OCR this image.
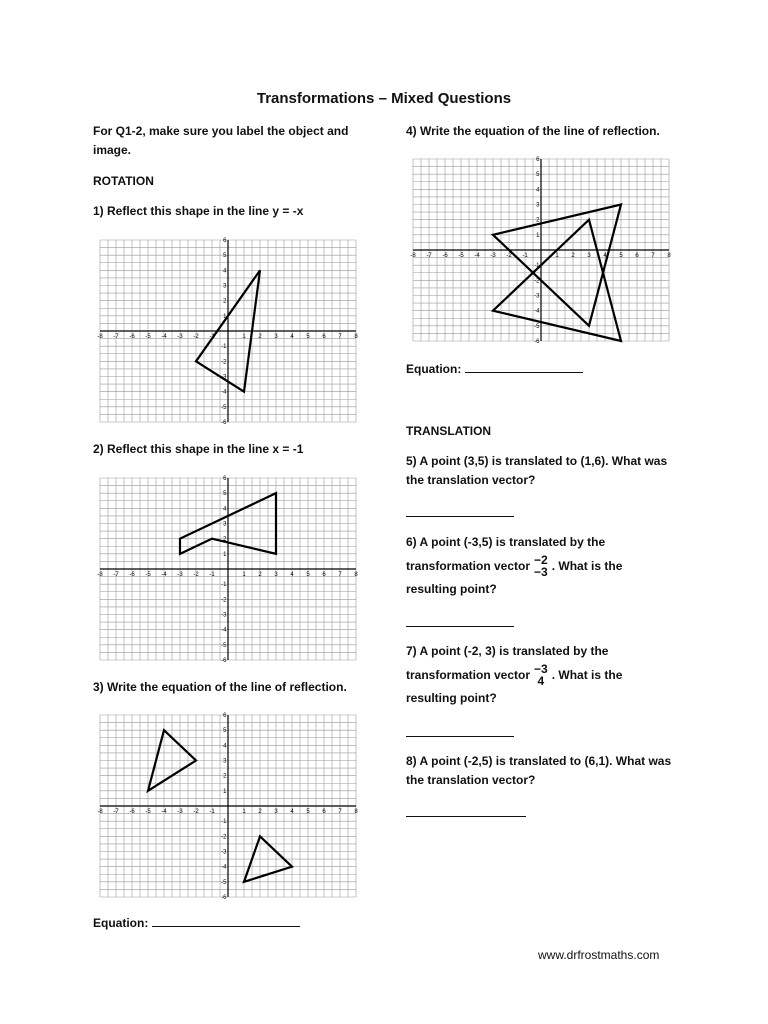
Transformations – Mixed Questions
For Q1-2, make sure you label the object and image.
ROTATION
1) Reflect this shape in the line y = -x
-8 -7 -6 -5 -4 -3 -2 -1	1 2 3 4 5 6 7 8
-6
-5
-4
-3
-2
-1
1
2
3
4
5
6
2) Reflect this shape in the line x = -1
-8 -7 -6 -5 -4 -3 -2 -1	1 2 3 4 5 6 7 8
-6
-5
-4
-3
-2
-1
1
2
3
4
5
6
3) Write the equation of the line of reflection.
-8 -7 -6 -5 -4 -3 -2 -1	1 2 3 4 5 6 7 8
-6
-5
-4
-3
-2
-1
1
2
3
4
5
6
Equation:
4) Write the equation of the line of reflection.
-8 -7 -6 -5 -4 -3 -2 -1	1 2 3 4 5 6 7 8
-6
-5
-4
-3
-2
-1
1
2
3
4
5
6
Equation:
TRANSLATION
5) A point (3,5) is translated to (1,6). What was the translation vector?
6) A point (-3,5) is translated by the
transformation vector −2
−3 . What is the
resulting point?
7) A point (-2, 3) is translated by the
transformation vector −3
4 . What is the
resulting point?
8) A point (-2,5) is translated to (6,1). What was the translation vector?
www.drfrostmaths.com
